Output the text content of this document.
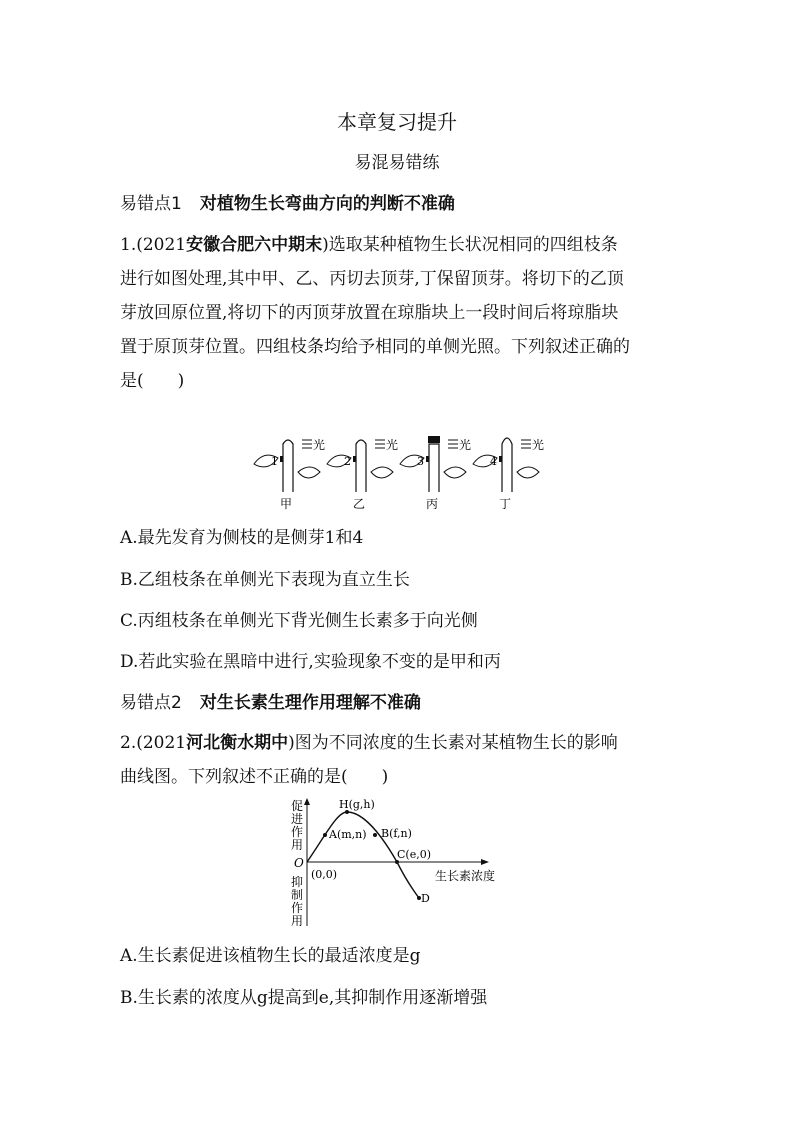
本章复习提升
易混易错练
易错点1 对植物生长弯曲方向的判断不准确
1.(2021安徽合肥六中期末)选取某种植物生长状况相同的四组枝条
进行如图处理,其中甲、乙、丙切去顶芽,丁保留顶芽。将切下的乙顶
芽放回原位置,将切下的丙顶芽放置在琼脂块上一段时间后将琼脂块
置于原顶芽位置。四组枝条均给予相同的单侧光照。下列叙述正确的
是(　　)
1
光
甲
2
光
乙
3
光
丙
4
光
丁
A.最先发育为侧枝的是侧芽1和4
B.乙组枝条在单侧光下表现为直立生长
C.丙组枝条在单侧光下背光侧生长素多于向光侧
D.若此实验在黑暗中进行,实验现象不变的是甲和丙
易错点2 对生长素生理作用理解不准确
2.(2021河北衡水期中)图为不同浓度的生长素对某植物生长的影响
曲线图。下列叙述不正确的是(　　)
促
进
作
用
抑
制
作
用
O
(0,0)
A(m,n)
H(g,h)
B(f,n)
C(e,0)
D
生长素浓度
A.生长素促进该植物生长的最适浓度是g
B.生长素的浓度从g提高到e,其抑制作用逐渐增强
